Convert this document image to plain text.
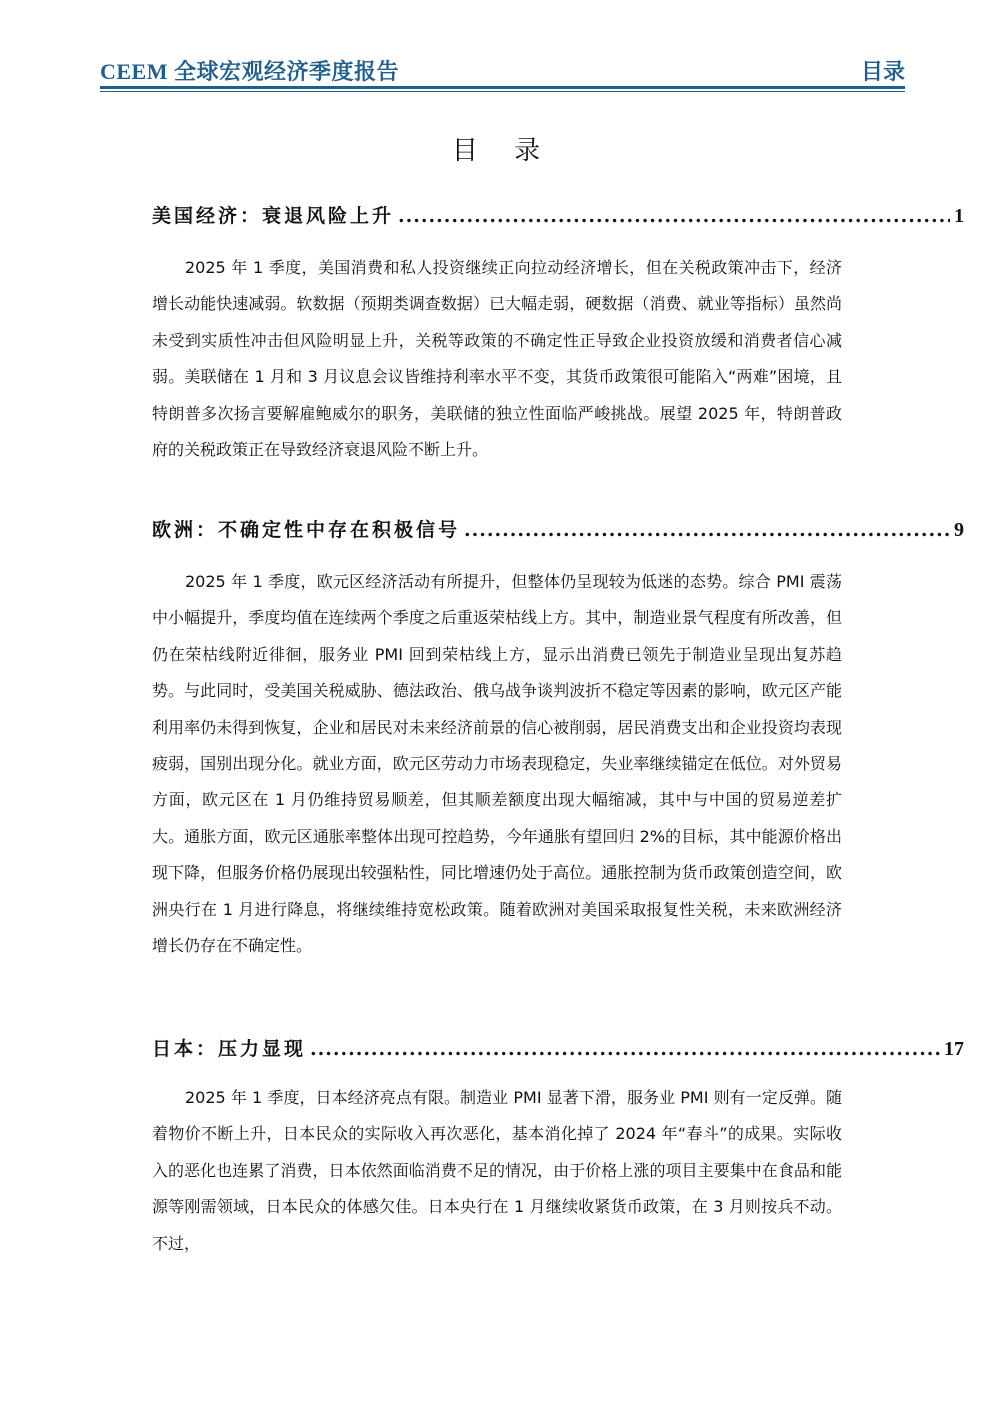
CEEM 全球宏观经济季度报告	目录
目 录
美国经济：衰退风险上升 .....	1

2025 年 1 季度，美国消费和私人投资继续正向拉动经济增长，但在关税政策冲击下，经济增长动能快速减弱。软数据（预期类调查数据）已大幅走弱，硬数据（消费、就业等指标）虽然尚未受到实质性冲击但风险明显上升，关税等政策的不确定性正导致企业投资放缓和消费者信心减弱。美联储在 1 月和 3 月议息会议皆维持利率水平不变，其货币政策很可能陷入“两难”困境，且特朗普多次扬言要解雇鲍威尔的职务，美联储的独立性面临严峻挑战。展望 2025 年，特朗普政府的关税政策正在导致经济衰退风险不断上升。

欧洲：不确定性中存在积极信号 .....	9

2025 年 1 季度，欧元区经济活动有所提升，但整体仍呈现较为低迷的态势。综合 PMI 震荡中小幅提升，季度均值在连续两个季度之后重返荣枯线上方。其中，制造业景气程度有所改善，但仍在荣枯线附近徘徊，服务业 PMI 回到荣枯线上方，显示出消费已领先于制造业呈现出复苏趋势。与此同时，受美国关税威胁、德法政治、俄乌战争谈判波折不稳定等因素的影响，欧元区产能利用率仍未得到恢复，企业和居民对未来经济前景的信心被削弱，居民消费支出和企业投资均表现疲弱，国别出现分化。就业方面，欧元区劳动力市场表现稳定，失业率继续锚定在低位。对外贸易方面，欧元区在 1 月仍维持贸易顺差，但其顺差额度出现大幅缩减，其中与中国的贸易逆差扩大。通胀方面，欧元区通胀率整体出现可控趋势，今年通胀有望回归 2%的目标，其中能源价格出现下降，但服务价格仍展现出较强粘性，同比增速仍处于高位。通胀控制为货币政策创造空间，欧洲央行在 1 月进行降息，将继续维持宽松政策。随着欧洲对美国采取报复性关税，未来欧洲经济增长仍存在不确定性。

日本：压力显现 .....	17

2025 年 1 季度，日本经济亮点有限。制造业 PMI 显著下滑，服务业 PMI 则有一定反弹。随着物价不断上升，日本民众的实际收入再次恶化，基本消化掉了 2024 年“春斗”的成果。实际收入的恶化也连累了消费，日本依然面临消费不足的情况，由于价格上涨的项目主要集中在食品和能源等刚需领域，日本民众的体感欠佳。日本央行在 1 月继续收紧货币政策，在 3 月则按兵不动。不过，
